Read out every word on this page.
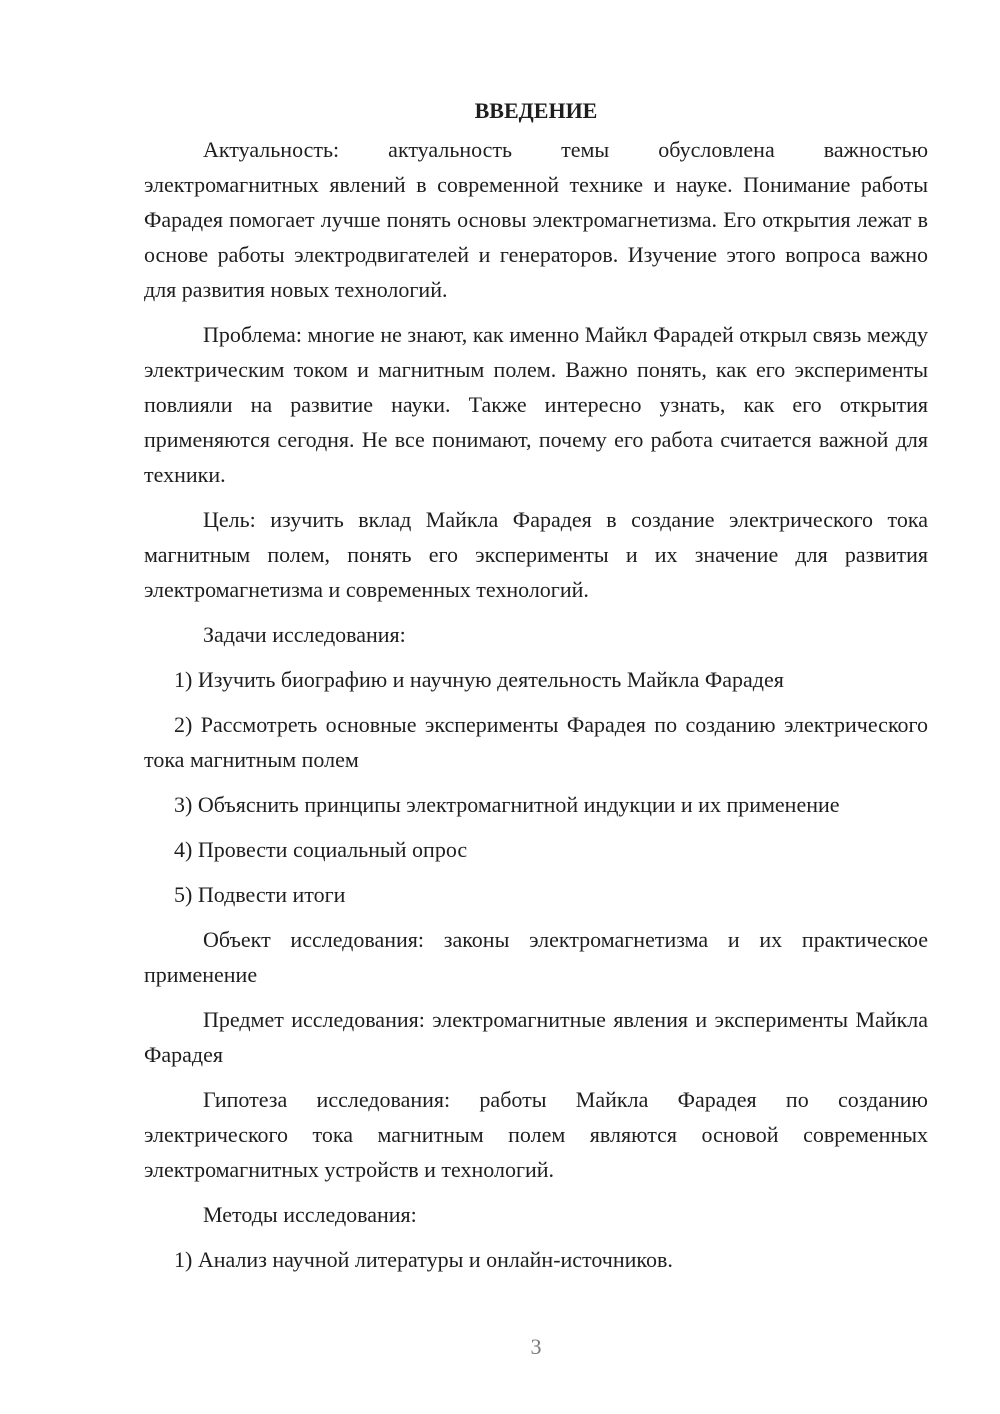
ВВЕДЕНИЕ

Актуальность: актуальность темы обусловлена важностью электромагнитных явлений в современной технике и науке. Понимание работы Фарадея помогает лучше понять основы электромагнетизма. Его открытия лежат в основе работы электродвигателей и генераторов. Изучение этого вопроса важно для развития новых технологий.

Проблема: многие не знают, как именно Майкл Фарадей открыл связь между электрическим током и магнитным полем. Важно понять, как его эксперименты повлияли на развитие науки. Также интересно узнать, как его открытия применяются сегодня. Не все понимают, почему его работа считается важной для техники.

Цель: изучить вклад Майкла Фарадея в создание электрического тока магнитным полем, понять его эксперименты и их значение для развития электромагнетизма и современных технологий.

Задачи исследования:

1) Изучить биографию и научную деятельность Майкла Фарадея

2) Рассмотреть основные эксперименты Фарадея по созданию электрического тока магнитным полем

3) Объяснить принципы электромагнитной индукции и их применение

4) Провести социальный опрос

5) Подвести итоги

Объект исследования: законы электромагнетизма и их практическое применение

Предмет исследования: электромагнитные явления и эксперименты Майкла Фарадея

Гипотеза исследования: работы Майкла Фарадея по созданию электрического тока магнитным полем являются основой современных электромагнитных устройств и технологий.

Методы исследования:

1) Анализ научной литературы и онлайн-источников.

3
